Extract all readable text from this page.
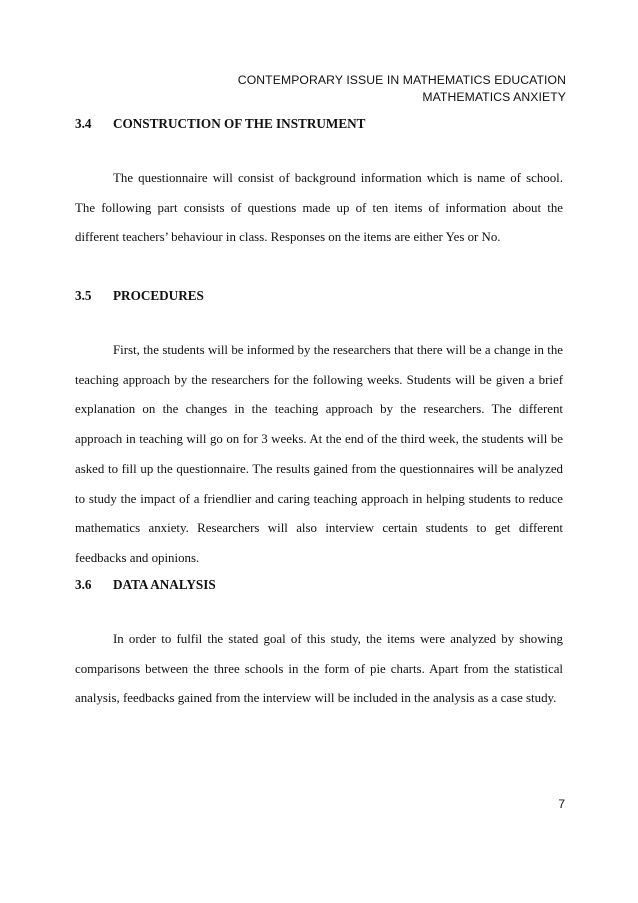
CONTEMPORARY ISSUE IN MATHEMATICS EDUCATION
MATHEMATICS ANXIETY
3.4 CONSTRUCTION OF THE INSTRUMENT

The questionnaire will consist of background information which is name of school. The following part consists of questions made up of ten items of information about the different teachers’ behaviour in class. Responses on the items are either Yes or No.

3.5 PROCEDURES

First, the students will be informed by the researchers that there will be a change in the teaching approach by the researchers for the following weeks. Students will be given a brief explanation on the changes in the teaching approach by the researchers. The different approach in teaching will go on for 3 weeks. At the end of the third week, the students will be asked to fill up the questionnaire. The results gained from the questionnaires will be analyzed to study the impact of a friendlier and caring teaching approach in helping students to reduce mathematics anxiety. Researchers will also interview certain students to get different feedbacks and opinions.

3.6 DATA ANALYSIS

In order to fulfil the stated goal of this study, the items were analyzed by showing comparisons between the three schools in the form of pie charts. Apart from the statistical analysis, feedbacks gained from the interview will be included in the analysis as a case study.

7
